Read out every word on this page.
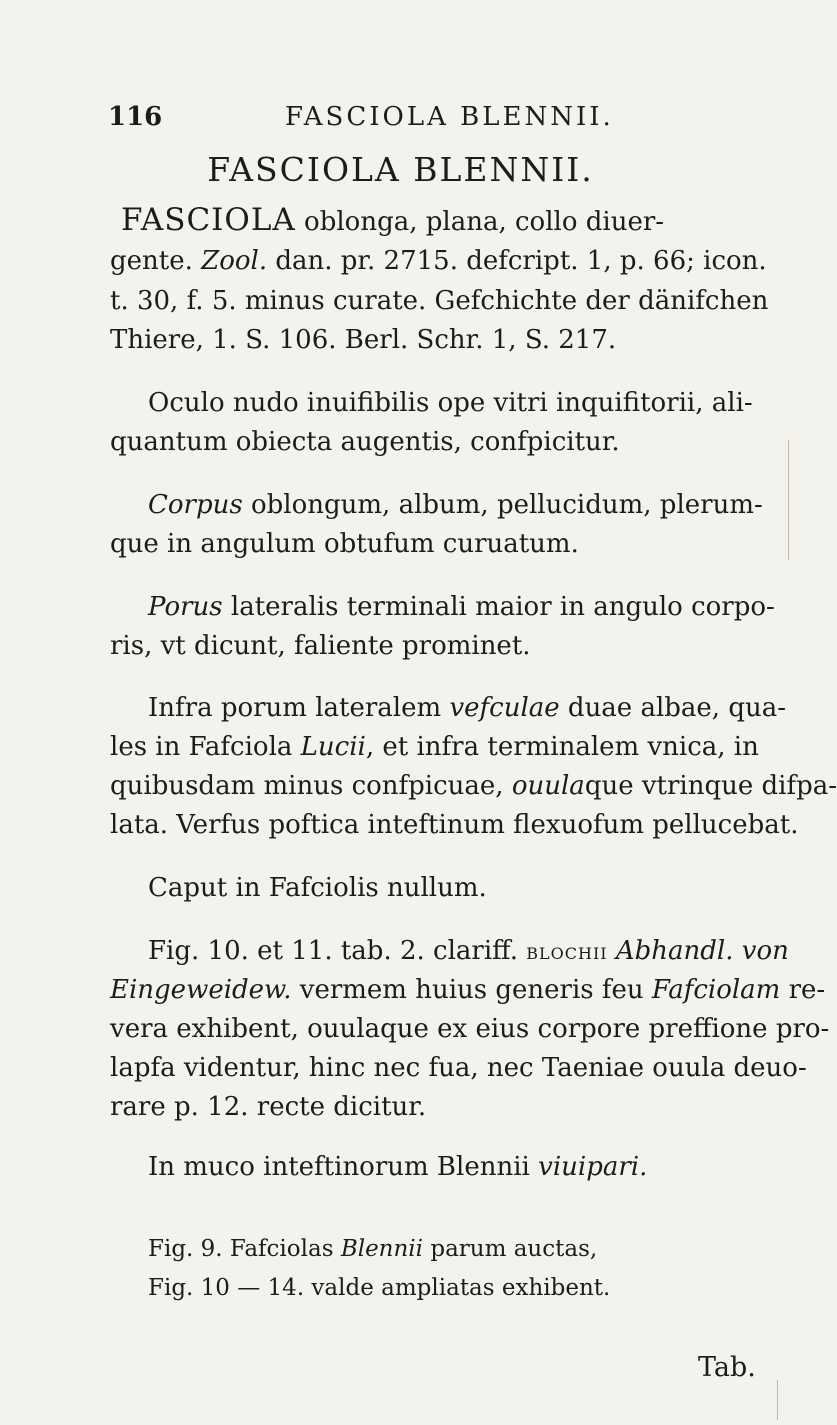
116	FASCIOLA BLENNII.
FASCIOLA BLENNII.
FASCIOLA oblonga, plana, collo diuer-
gente. Zool. dan. pr. 2715. defcript. 1, p. 66; icon.
t. 30, f. 5. minus curate. Gefchichte der dänifchen
Thiere, 1. S. 106. Berl. Schr. 1, S. 217.
Oculo nudo inuifibilis ope vitri inquifitorii, ali-
quantum obiecta augentis, confpicitur.
Corpus oblongum, album, pellucidum, plerum-
que in angulum obtufum curuatum.
Porus lateralis terminali maior in angulo corpo-
ris, vt dicunt, faliente prominet.
Infra porum lateralem vefculae duae albae, qua-
les in Fafciola Lucii, et infra terminalem vnica, in
quibusdam minus confpicuae, ouulaque vtrinque difpa-
lata. Verfus poftica inteftinum flexuofum pellucebat.
Caput in Fafciolis nullum.
Fig. 10. et 11. tab. 2. clariff. blochii Abhandl. von
Eingeweidew. vermem huius generis feu Fafciolam re-
vera exhibent, ouulaque ex eius corpore preffione pro-
lapfa videntur, hinc nec fua, nec Taeniae ouula deuo-
rare p. 12. recte dicitur.
In muco inteftinorum Blennii viuipari.
Fig. 9. Fafciolas Blennii parum auctas,
Fig. 10 — 14. valde ampliatas exhibent.
Tab.
